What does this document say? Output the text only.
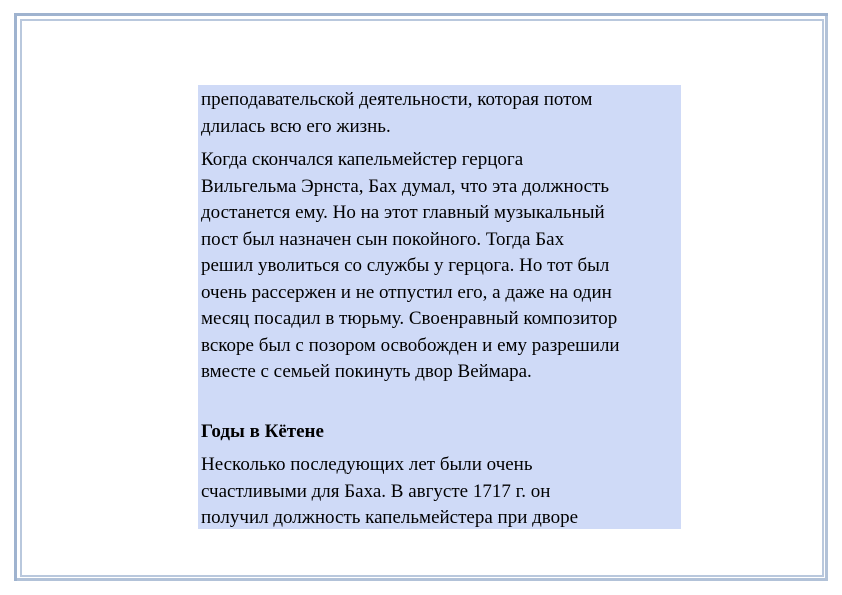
преподавательской деятельности, которая потом
длилась всю его жизнь.

Когда скончался капельмейстер герцога
Вильгельма Эрнста, Бах думал, что эта должность
достанется ему. Но на этот главный музыкальный
пост был назначен сын покойного. Тогда Бах
решил уволиться со службы у герцога. Но тот был
очень рассержен и не отпустил его, а даже на один
месяц посадил в тюрьму. Своенравный композитор
вскоре был с позором освобожден и ему разрешили
вместе с семьей покинуть двор Веймара.

Годы в Кётене

Несколько последующих лет были очень
счастливыми для Баха. В августе 1717 г. он
получил должность капельмейстера при дворе
